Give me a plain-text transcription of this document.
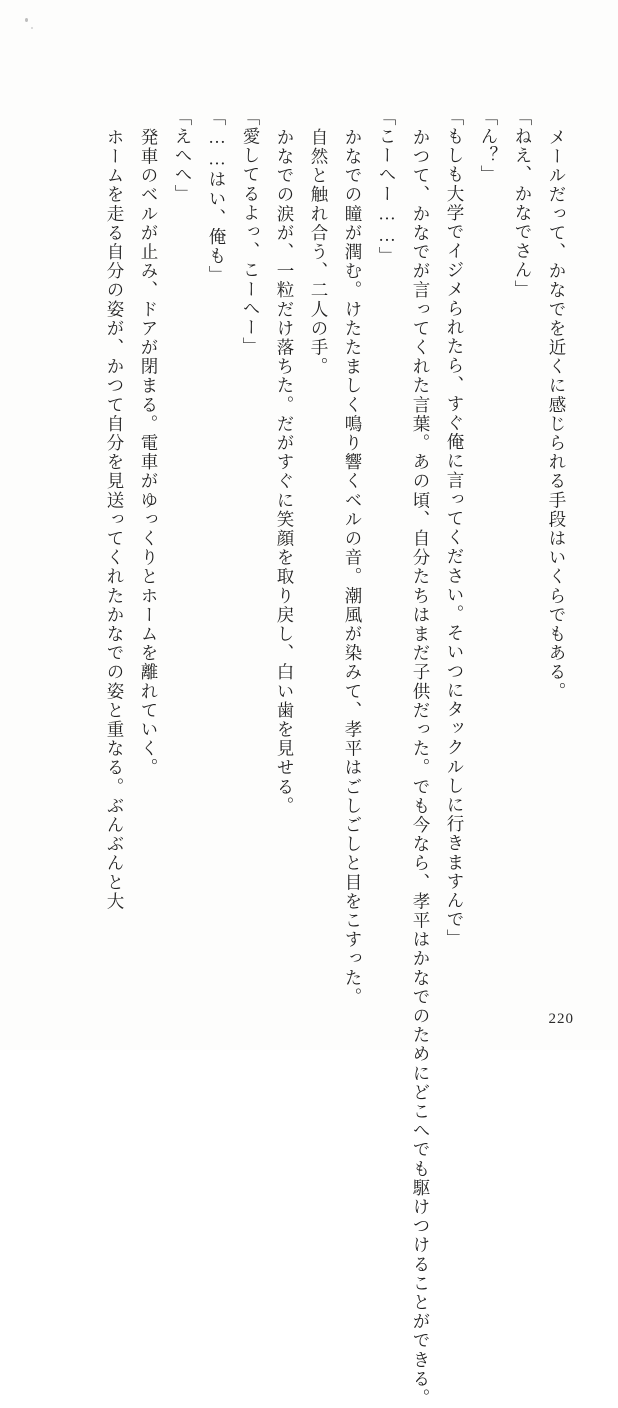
メールだって、かなでを近くに感じられる手段はいくらでもある。
「ねえ、かなでさん」
「ん？」
「もしも大学でイジメられたら、すぐ俺に言ってください。そいつにタックルしに行きますんで」
かつて、かなでが言ってくれた言葉。あの頃、自分たちはまだ子供だった。でも今なら、孝平はかなでのためにどこへでも駆けつけることができる。
「こーへー……」
かなでの瞳が潤む。けたたましく鳴り響くベルの音。潮風が染みて、孝平はごしごしと目をこすった。
自然と触れ合う、二人の手。
かなでの涙が、一粒だけ落ちた。だがすぐに笑顔を取り戻し、白い歯を見せる。
「愛してるよっ、こーへー」
「……はい、俺も」
「えへへ」
発車のベルが止み、ドアが閉まる。電車がゆっくりとホームを離れていく。
ホームを走る自分の姿が、かつて自分を見送ってくれたかなでの姿と重なる。ぶんぶんと大
220
